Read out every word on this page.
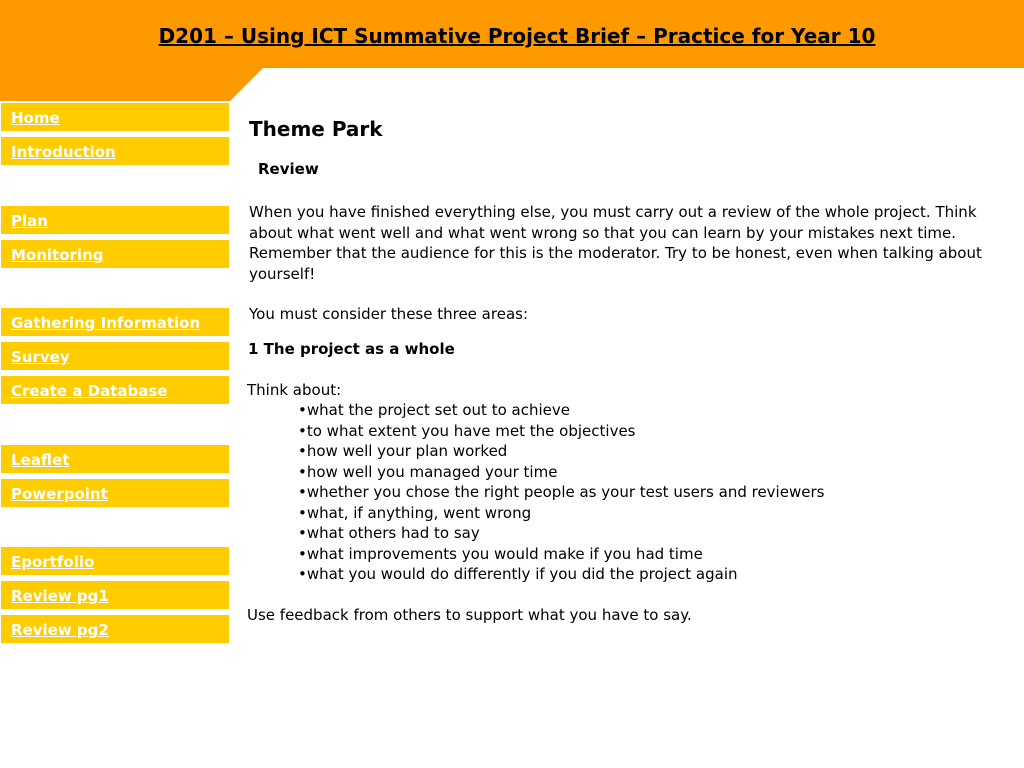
D201 – Using ICT Summative Project Brief – Practice for Year 10
Home
Introduction
Plan
Monitoring
Gathering Information
Survey
Create a Database
Leaflet
Powerpoint
Eportfolio
Review pg1
Review pg2
Theme Park
Review
When you have finished everything else, you must carry out a review of the whole project. Think about what went well and what went wrong so that you can learn by your mistakes next time. Remember that the audience for this is the moderator. Try to be honest, even when talking about yourself!
You must consider these three areas:
1 The project as a whole
Think about:
•what the project set out to achieve
•to what extent you have met the objectives
•how well your plan worked
•how well you managed your time
•whether you chose the right people as your test users and reviewers
•what, if anything, went wrong
•what others had to say
•what improvements you would make if you had time
•what you would do differently if you did the project again
Use feedback from others to support what you have to say.
